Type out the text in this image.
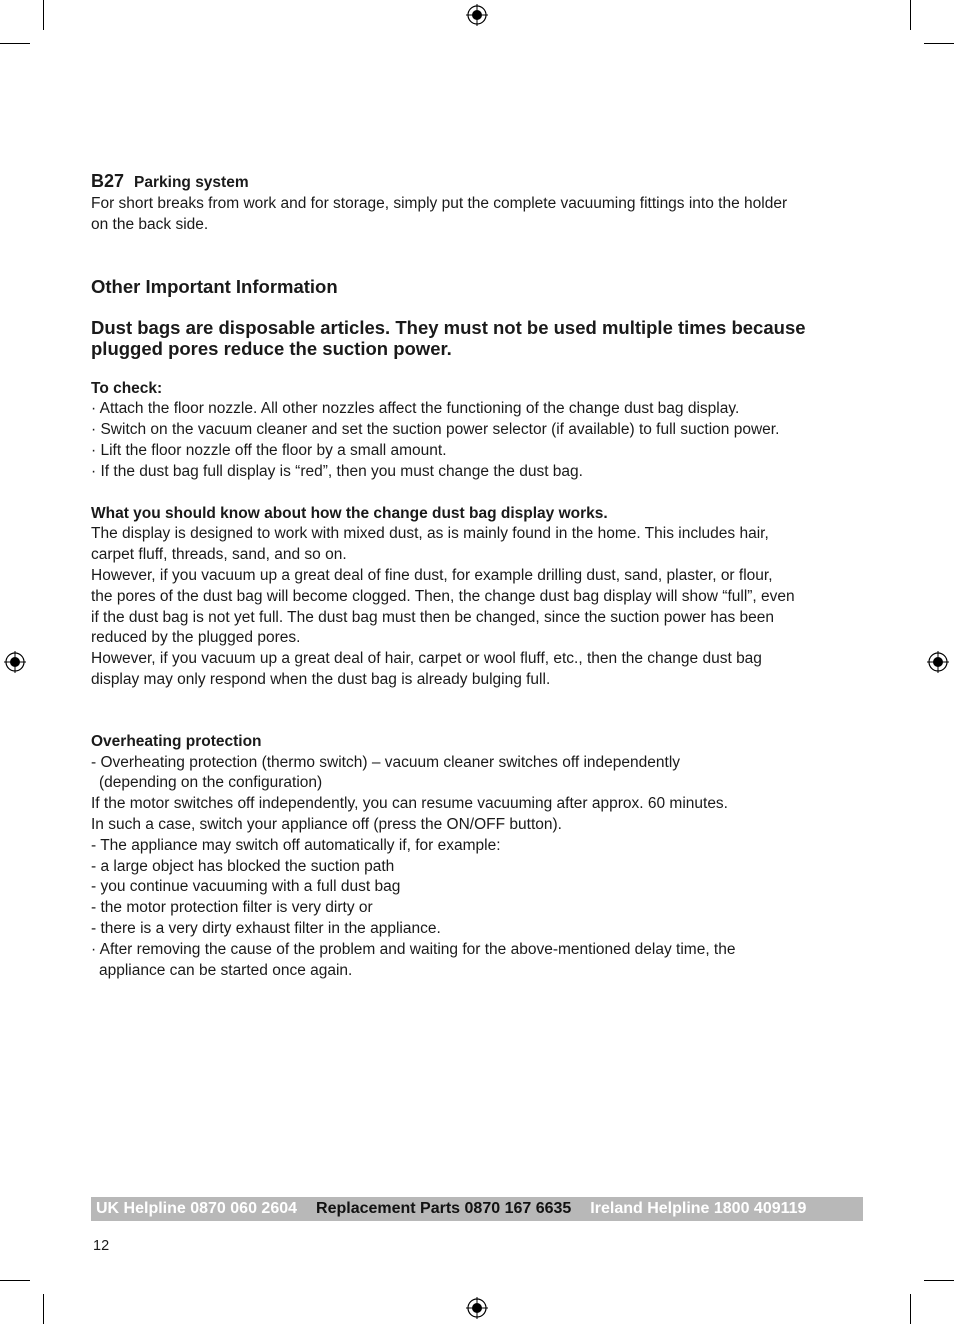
B27 Parking system

For short breaks from work and for storage, simply put the complete vacuuming fittings into the holder

on the back side.

Other Important Information

Dust bags are disposable articles. They must not be used multiple times because

plugged pores reduce the suction power.

To check:

· Attach the floor nozzle. All other nozzles affect the functioning of the change dust bag display.

· Switch on the vacuum cleaner and set the suction power selector (if available) to full suction power.

· Lift the floor nozzle off the floor by a small amount.

· If the dust bag full display is “red”, then you must change the dust bag.

What you should know about how the change dust bag display works.

The display is designed to work with mixed dust, as is mainly found in the home. This includes hair,

carpet fluff, threads, sand, and so on.

However, if you vacuum up a great deal of fine dust, for example drilling dust, sand, plaster, or flour,

the pores of the dust bag will become clogged. Then, the change dust bag display will show “full”, even

if the dust bag is not yet full. The dust bag must then be changed, since the suction power has been

reduced by the plugged pores.

However, if you vacuum up a great deal of hair, carpet or wool fluff, etc., then the change dust bag

display may only respond when the dust bag is already bulging full.

Overheating protection

- Overheating protection (thermo switch) – vacuum cleaner switches off independently

(depending on the configuration)

If the motor switches off independently, you can resume vacuuming after approx. 60 minutes.

In such a case, switch your appliance off (press the ON/OFF button).

- The appliance may switch off automatically if, for example:

- a large object has blocked the suction path

- you continue vacuuming with a full dust bag

- the motor protection filter is very dirty or

- there is a very dirty exhaust filter in the appliance.

· After removing the cause of the problem and waiting for the above-mentioned delay time, the

appliance can be started once again.

UK Helpline 0870 060 2604 Replacement Parts 0870 167 6635 Ireland Helpline 1800 409119
12
